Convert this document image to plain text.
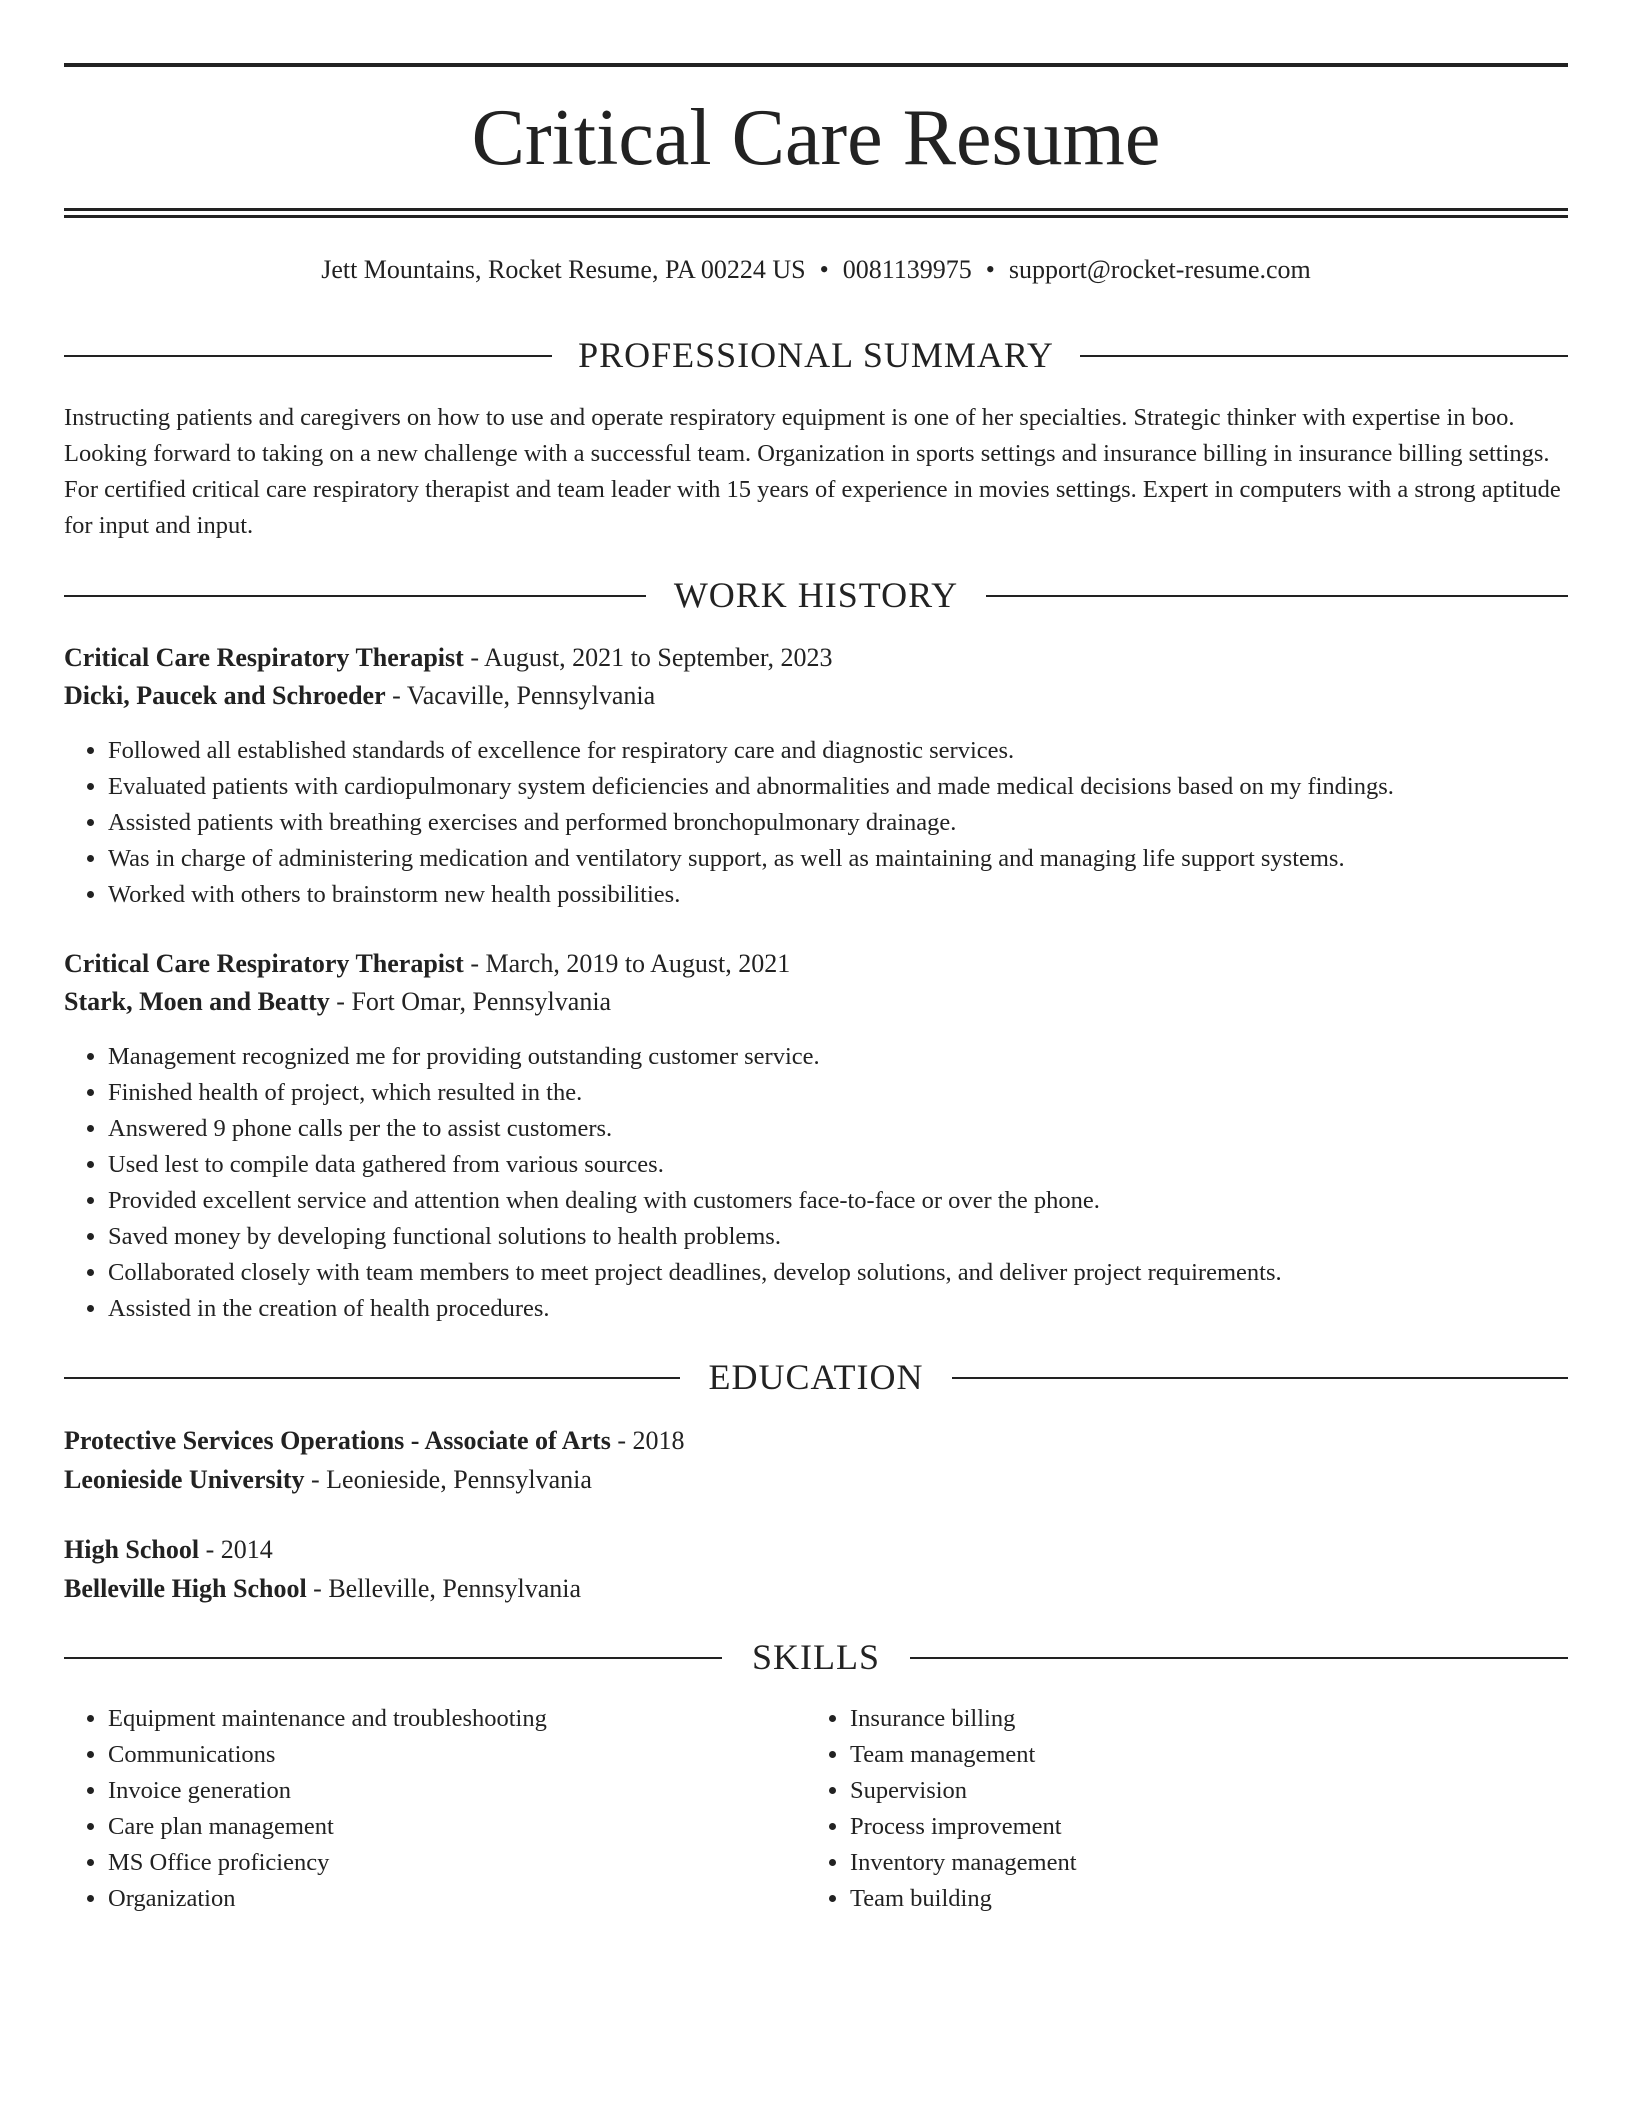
Critical Care Resume
Jett Mountains, Rocket Resume, PA 00224 US • 0081139975 • support@rocket-resume.com
PROFESSIONAL SUMMARY

Instructing patients and caregivers on how to use and operate respiratory equipment is one of her specialties. Strategic thinker with expertise in boo. Looking forward to taking on a new challenge with a successful team. Organization in sports settings and insurance billing in insurance billing settings. For certified critical care respiratory therapist and team leader with 15 years of experience in movies settings. Expert in computers with a strong aptitude for input and input.

WORK HISTORY
Critical Care Respiratory Therapist - August, 2021 to September, 2023
Dicki, Paucek and Schroeder - Vacaville, Pennsylvania
• Followed all established standards of excellence for respiratory care and diagnostic services.
• Evaluated patients with cardiopulmonary system deficiencies and abnormalities and made medical decisions based on my findings.
• Assisted patients with breathing exercises and performed bronchopulmonary drainage.
• Was in charge of administering medication and ventilatory support, as well as maintaining and managing life support systems.
• Worked with others to brainstorm new health possibilities.
Critical Care Respiratory Therapist - March, 2019 to August, 2021
Stark, Moen and Beatty - Fort Omar, Pennsylvania
• Management recognized me for providing outstanding customer service.
• Finished health of project, which resulted in the.
• Answered 9 phone calls per the to assist customers.
• Used lest to compile data gathered from various sources.
• Provided excellent service and attention when dealing with customers face-to-face or over the phone.
• Saved money by developing functional solutions to health problems.
• Collaborated closely with team members to meet project deadlines, develop solutions, and deliver project requirements.
• Assisted in the creation of health procedures.
EDUCATION
Protective Services Operations - Associate of Arts - 2018
Leonieside University - Leonieside, Pennsylvania
High School - 2014
Belleville High School - Belleville, Pennsylvania
SKILLS
• Equipment maintenance and troubleshooting
• Communications
• Invoice generation
• Care plan management
• MS Office proficiency
• Organization
• Insurance billing
• Team management
• Supervision
• Process improvement
• Inventory management
• Team building
